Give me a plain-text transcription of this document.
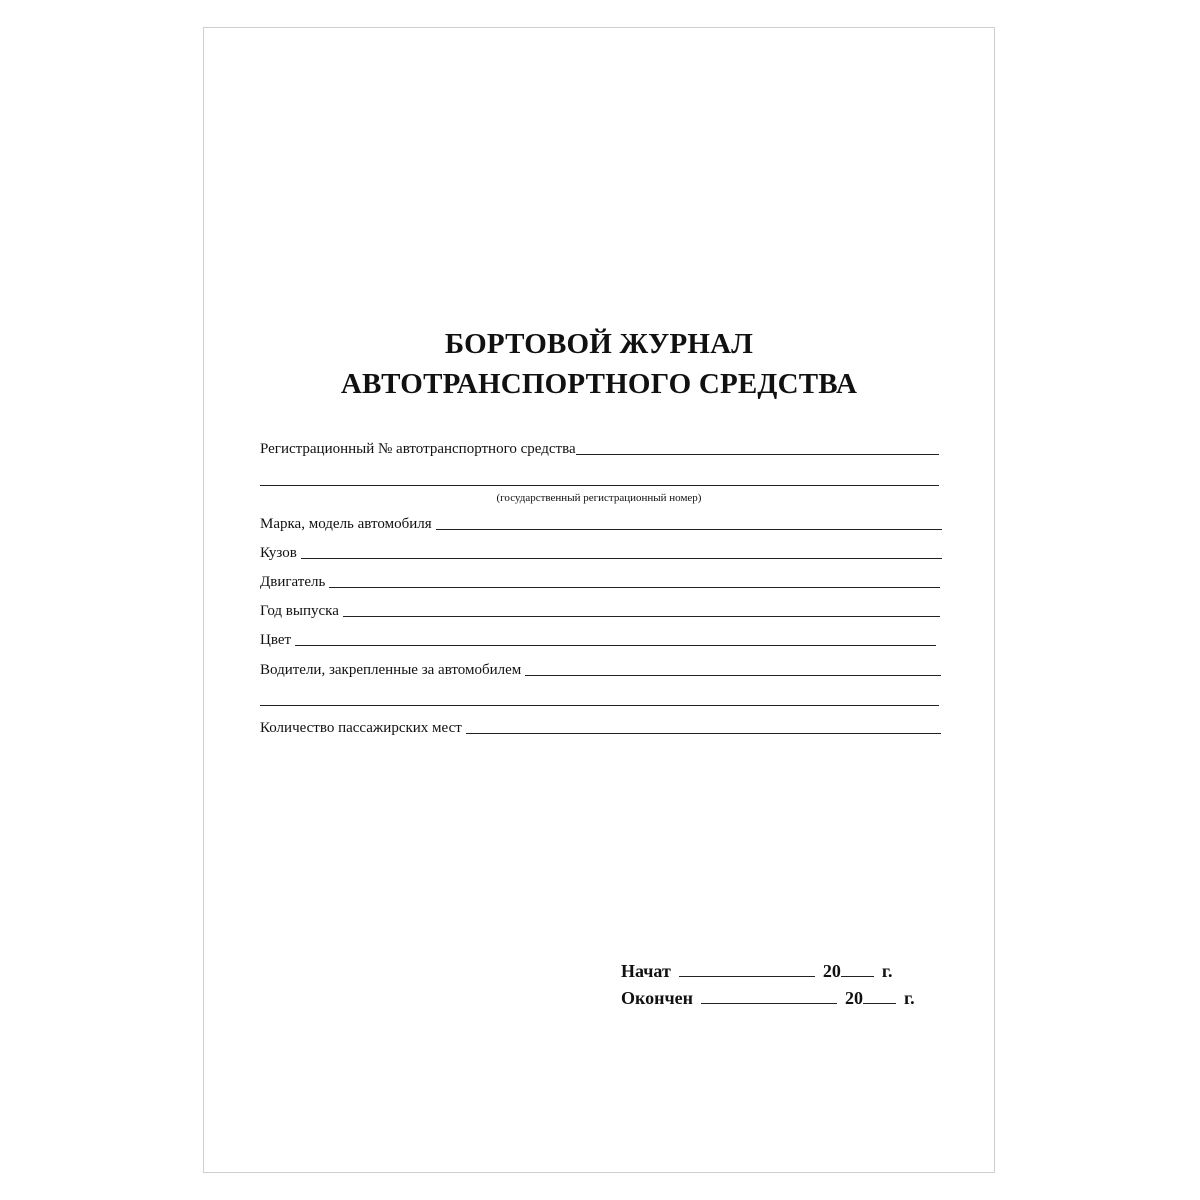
БОРТОВОЙ ЖУРНАЛ
АВТОТРАНСПОРТНОГО СРЕДСТВА
Регистрационный № автотранспортного средства
(государственный регистрационный номер)
Марка, модель автомобиля
Кузов
Двигатель
Год выпуска
Цвет
Водители, закрепленные за автомобилем
Количество пассажирских мест
Начат	20 г.
Окончен	20 г.
